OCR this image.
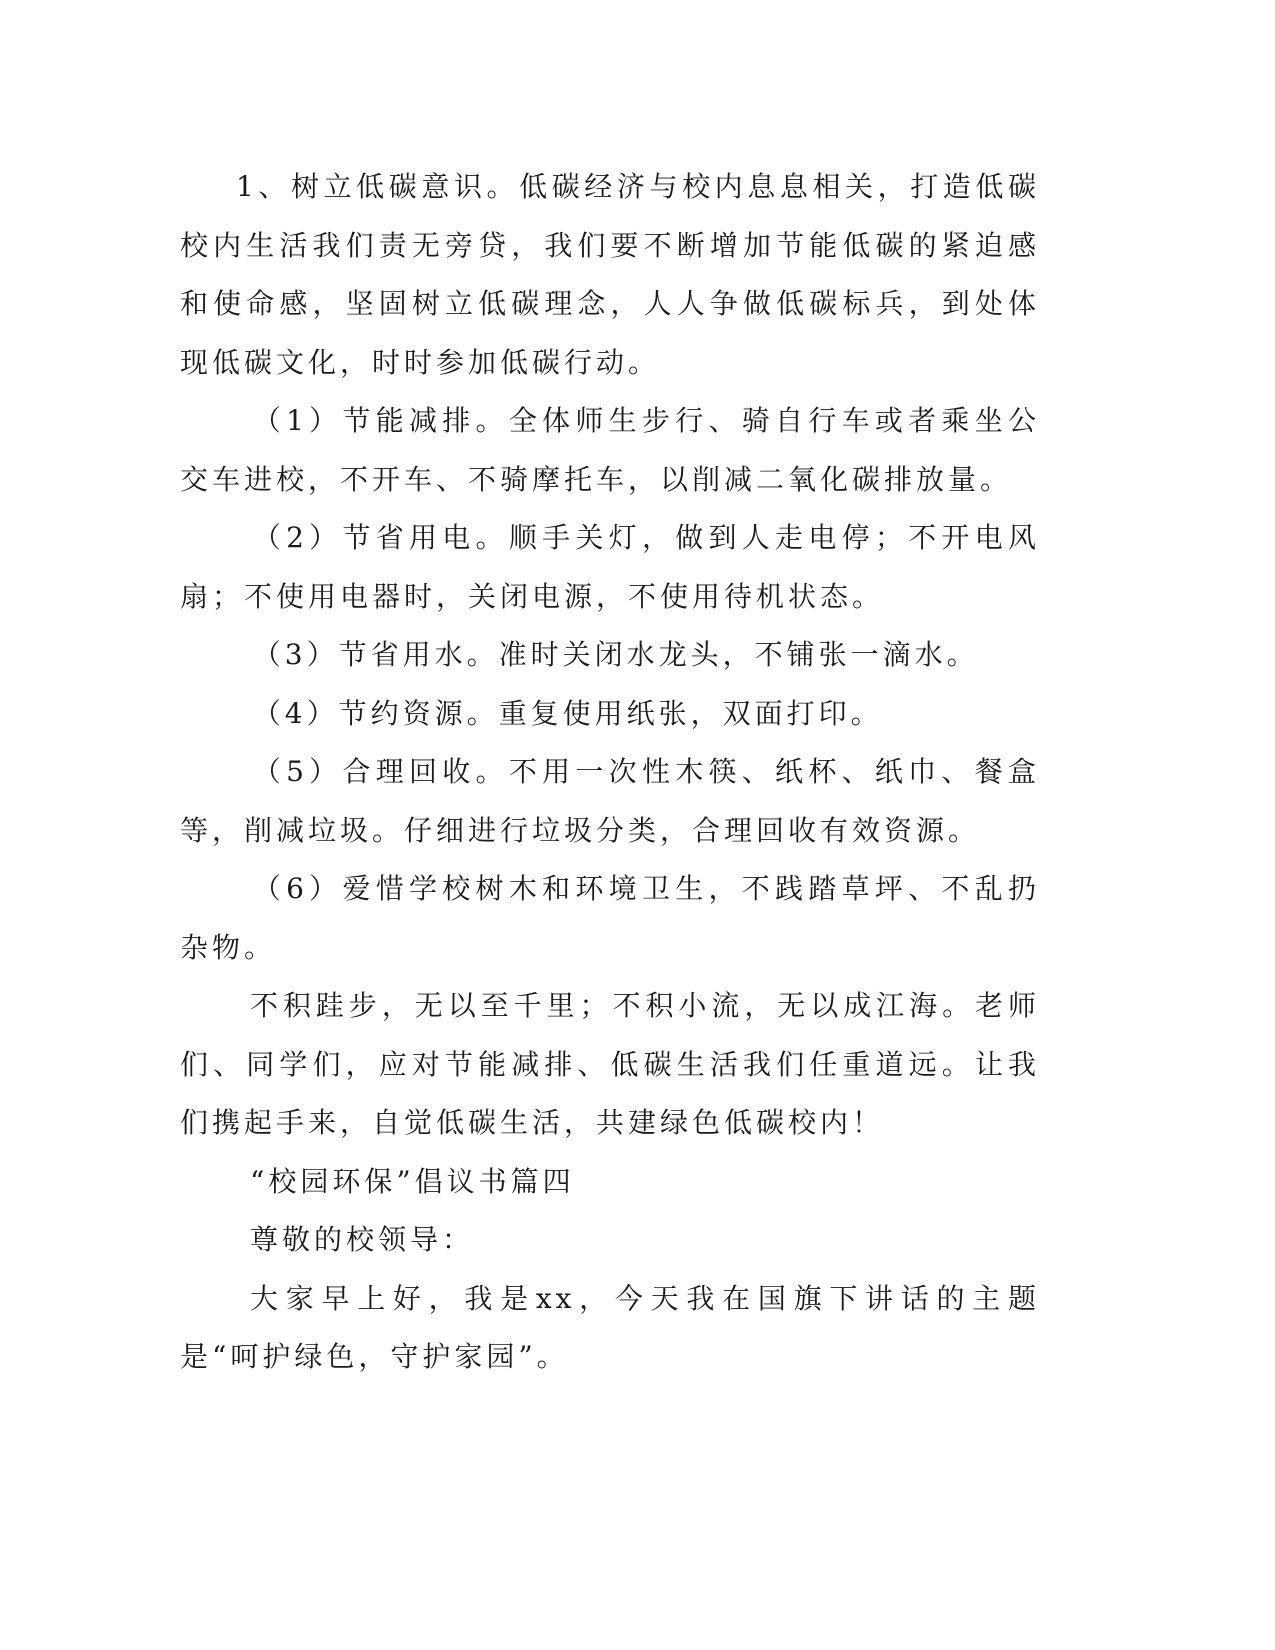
1、树立低碳意识。低碳经济与校内息息相关，打造低碳校内生活我们责无旁贷，我们要不断增加节能低碳的紧迫感和使命感，坚固树立低碳理念，人人争做低碳标兵，到处体现低碳文化，时时参加低碳行动。

（1）节能减排。全体师生步行、骑自行车或者乘坐公交车进校，不开车、不骑摩托车，以削减二氧化碳排放量。

（2）节省用电。顺手关灯，做到人走电停；不开电风扇；不使用电器时，关闭电源，不使用待机状态。

（3）节省用水。准时关闭水龙头，不铺张一滴水。

（4）节约资源。重复使用纸张，双面打印。

（5）合理回收。不用一次性木筷、纸杯、纸巾、餐盒等，削减垃圾。仔细进行垃圾分类，合理回收有效资源。

（6）爱惜学校树木和环境卫生，不践踏草坪、不乱扔杂物。

不积跬步，无以至千里；不积小流，无以成江海。老师们、同学们，应对节能减排、低碳生活我们任重道远。让我们携起手来，自觉低碳生活，共建绿色低碳校内！

“校园环保”倡议书篇四

尊敬的校领导：

大家早上好，我是xx，今天我在国旗下讲话的主题是“呵护绿色，守护家园”。
